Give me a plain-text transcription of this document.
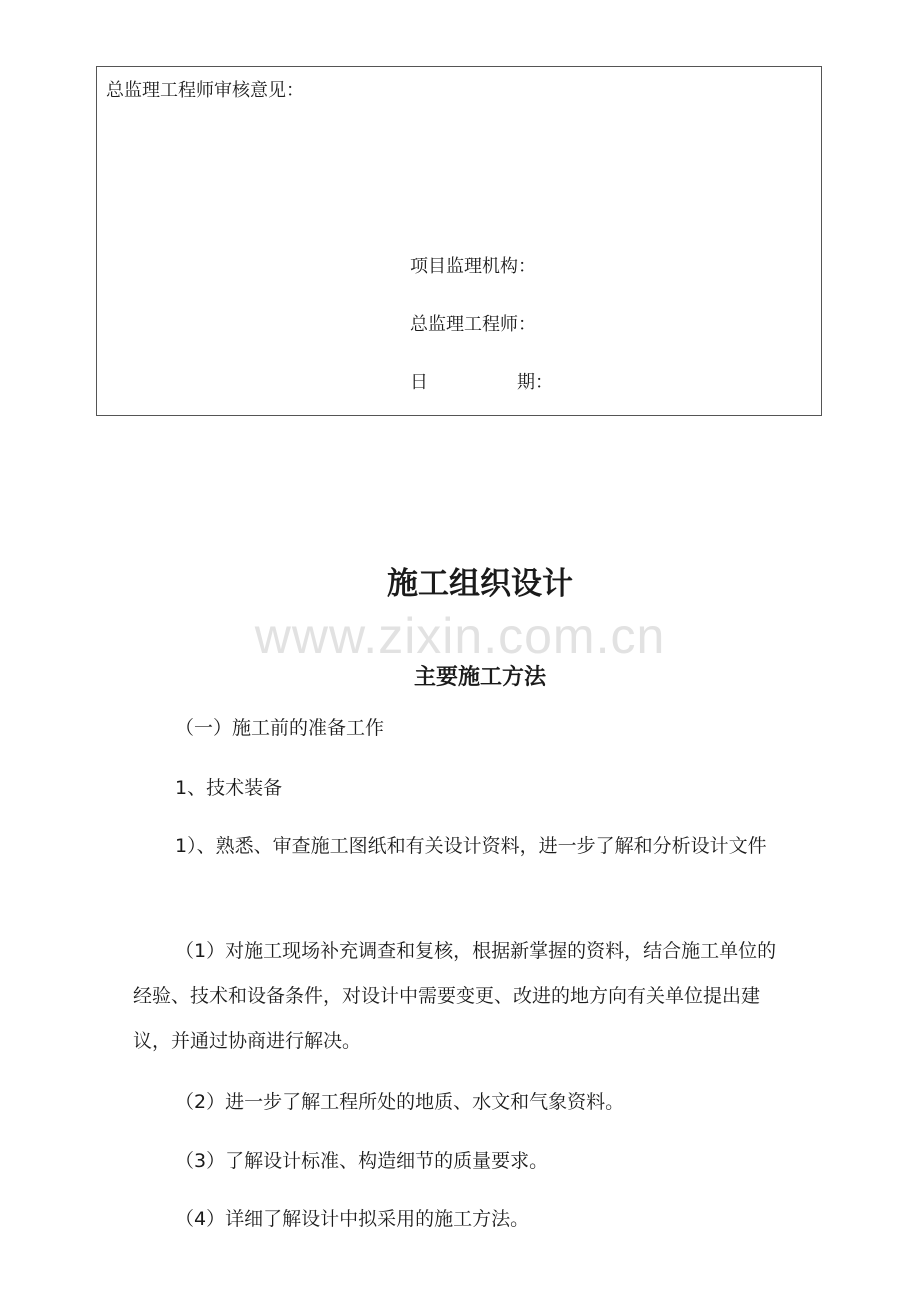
总监理工程师审核意见：
项目监理机构：
总监理工程师：
日	期：
施工组织设计
www.zixin.com.cn
主要施工方法

（一）施工前的准备工作

1、技术装备

1）、熟悉、审查施工图纸和有关设计资料，进一步了解和分析设计文件

（1）对施工现场补充调查和复核，根据新掌握的资料，结合施工单位的经验、技术和设备条件，对设计中需要变更、改进的地方向有关单位提出建议，并通过协商进行解决。

（2）进一步了解工程所处的地质、水文和气象资料。

（3）了解设计标准、构造细节的质量要求。

（4）详细了解设计中拟采用的施工方法。
